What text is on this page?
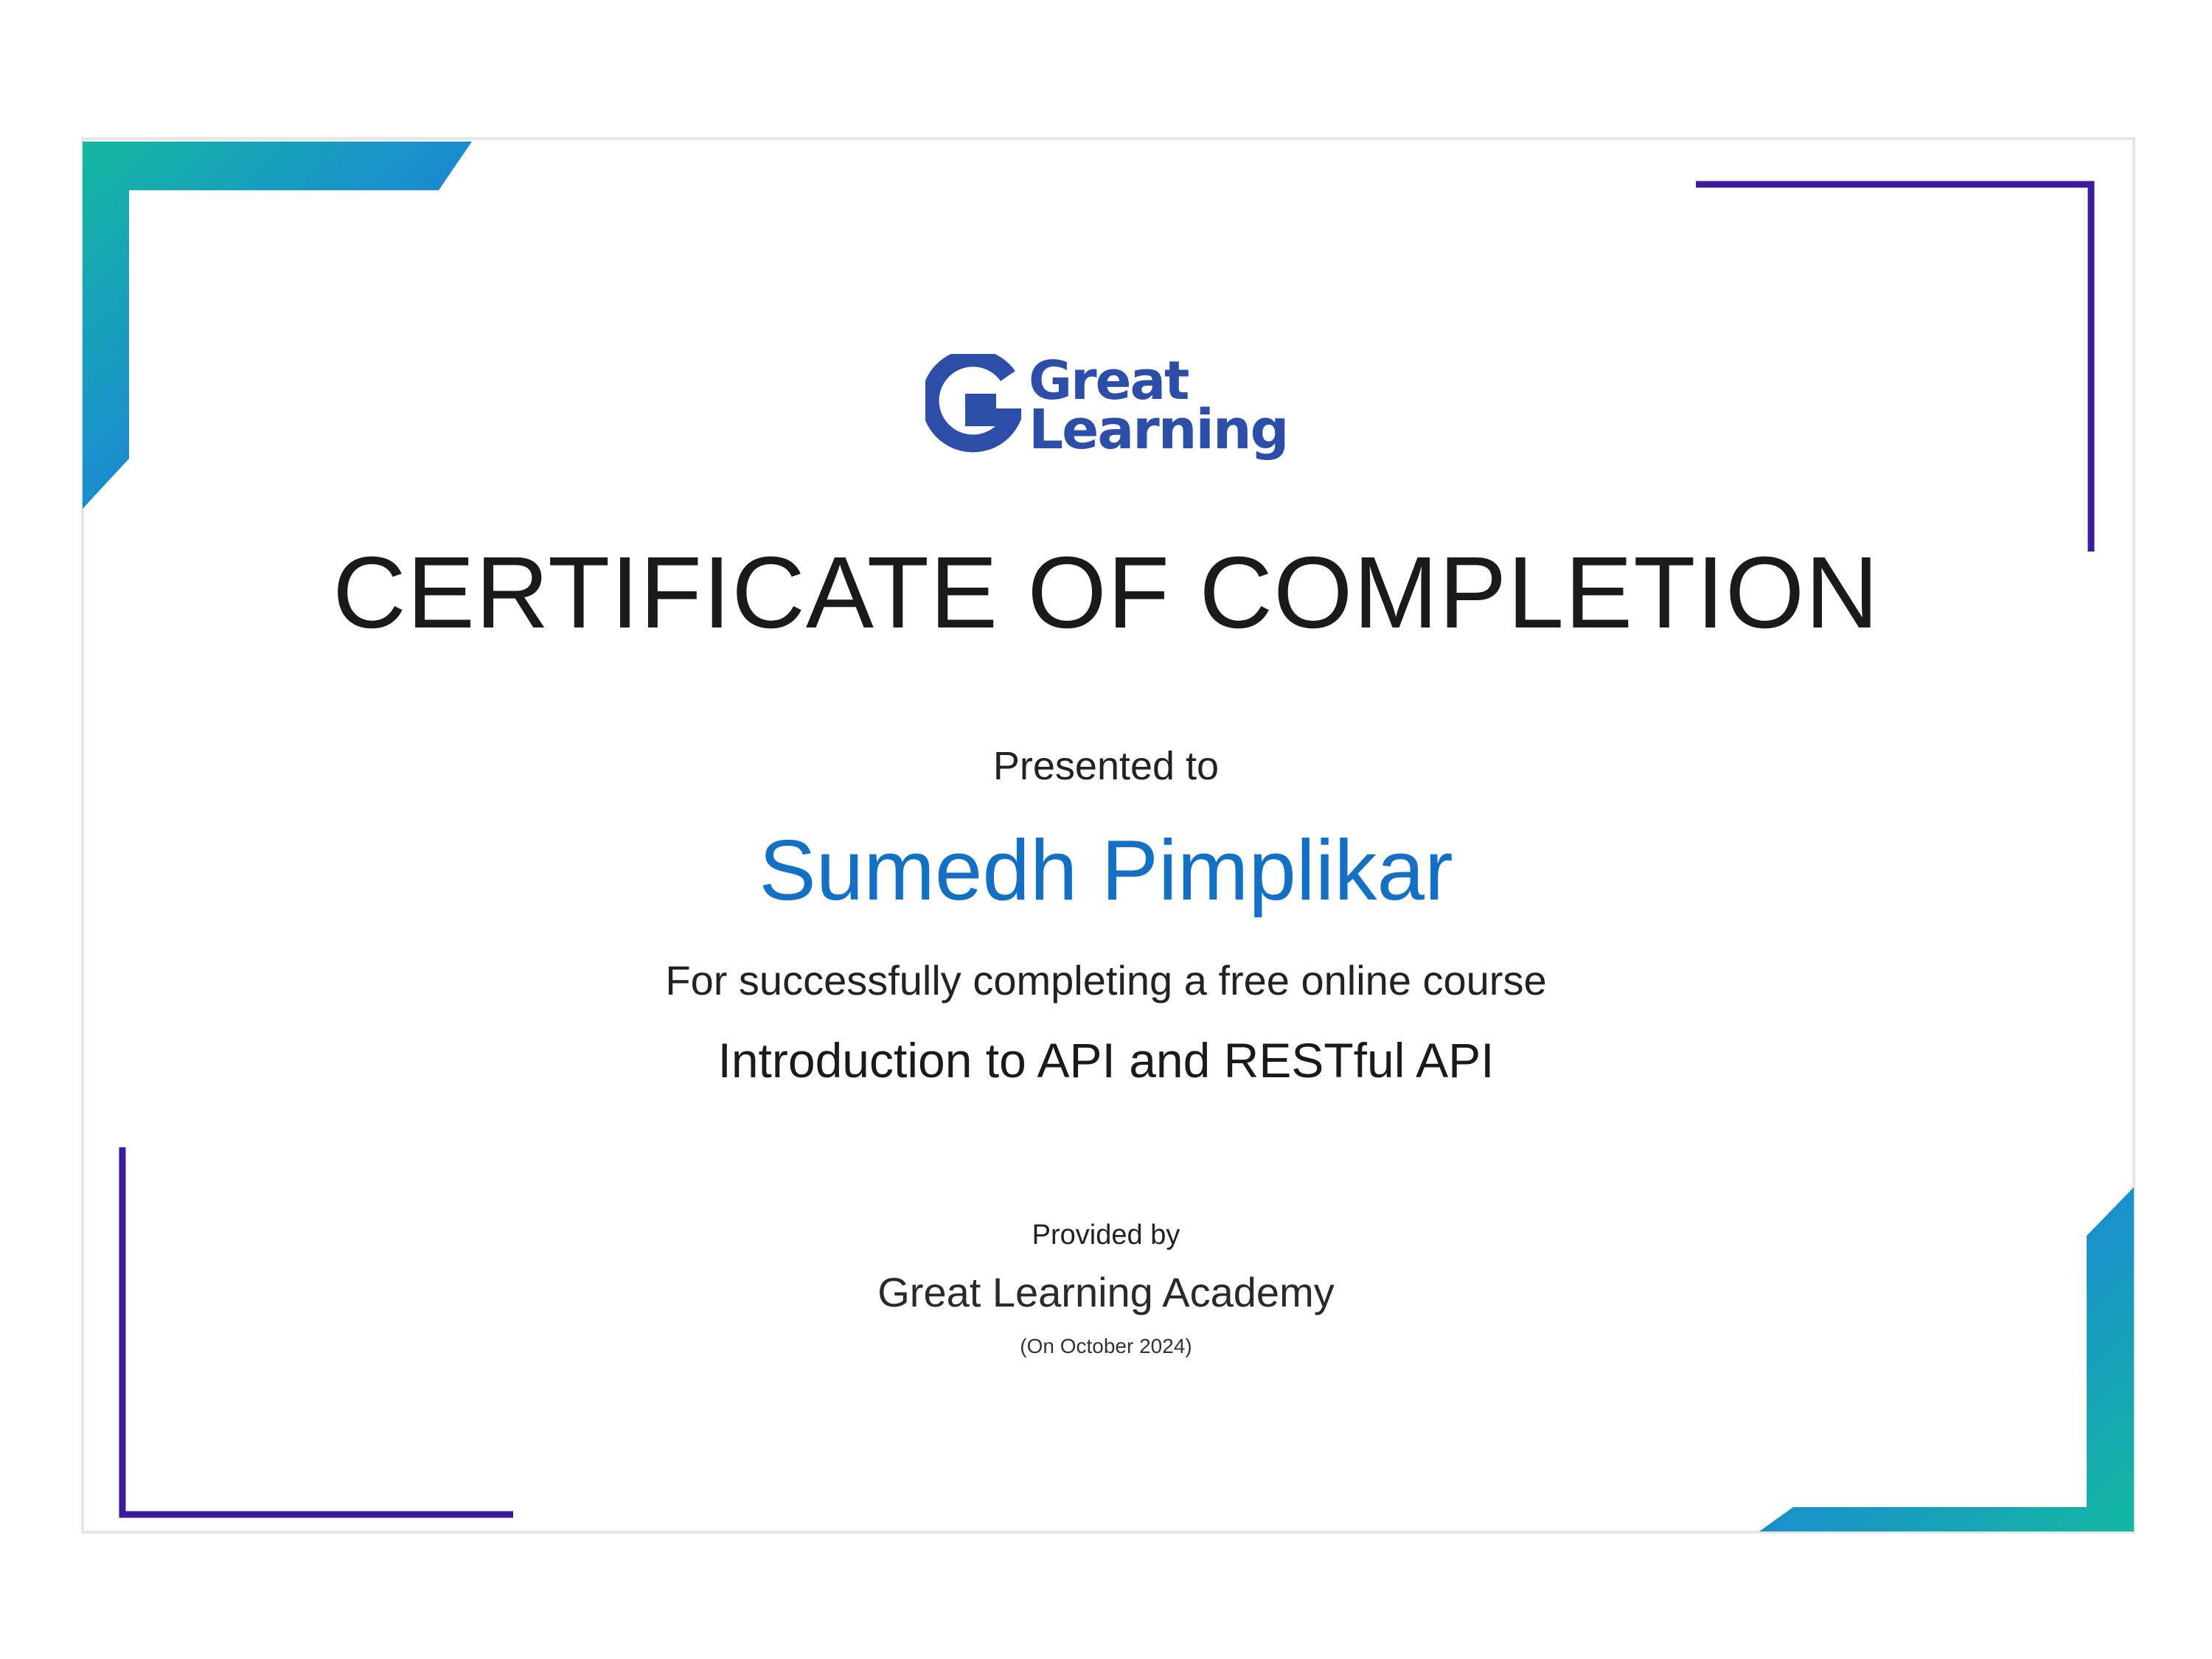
Great
Learning
CERTIFICATE OF COMPLETION
Presented to
Sumedh Pimplikar
For successfully completing a free online course
Introduction to API and RESTful API
Provided by
Great Learning Academy
(On October 2024)
